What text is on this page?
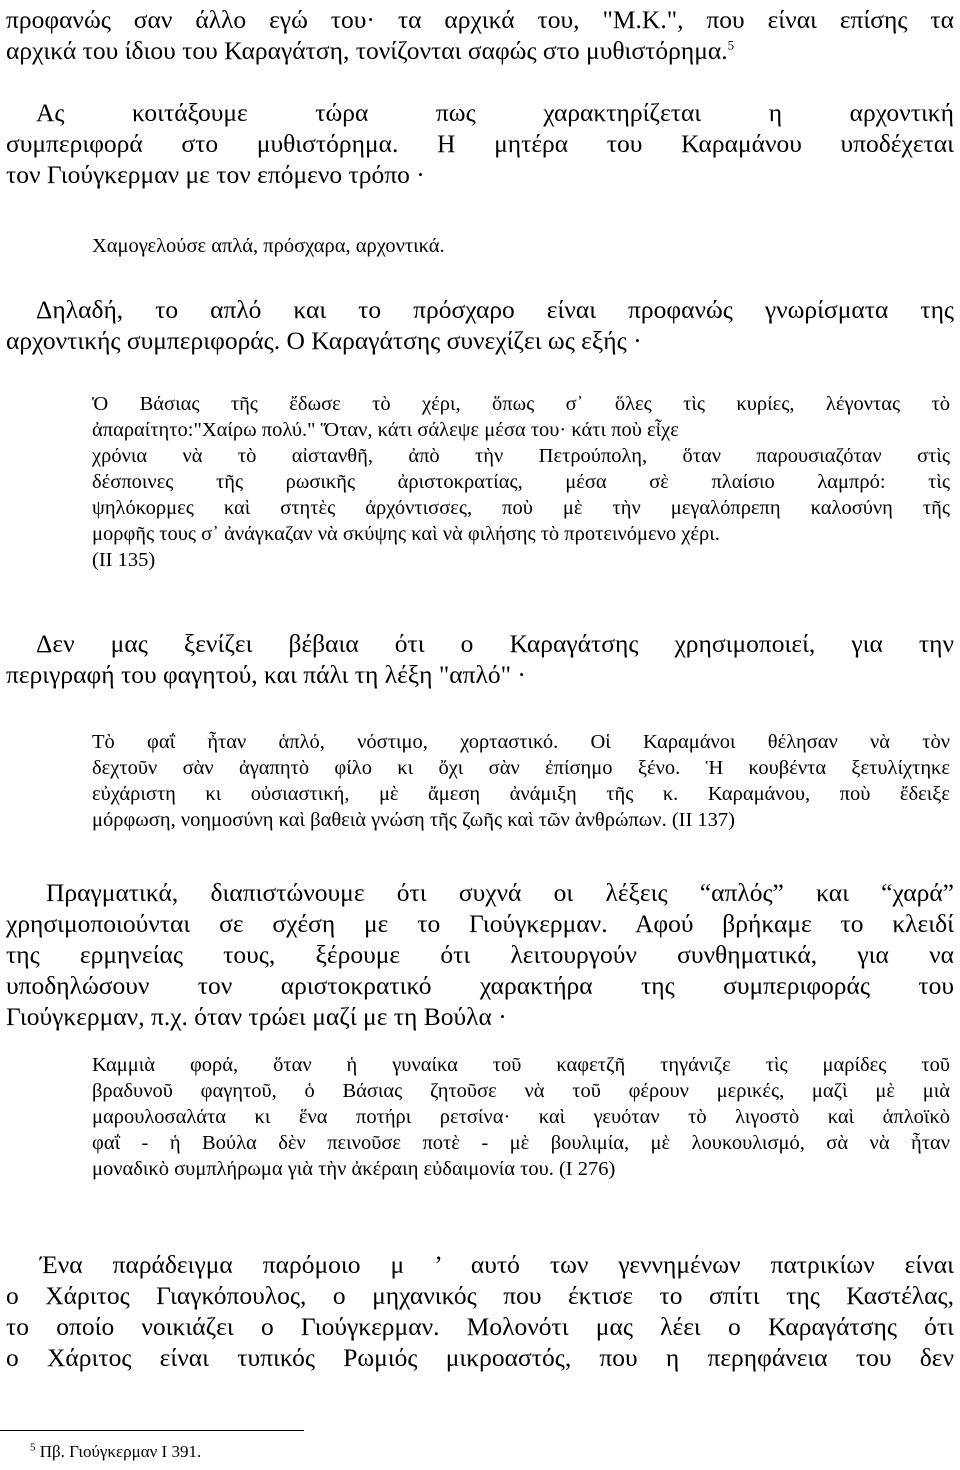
προφανώς σαν άλλο εγώ του· τα αρχικά του, "Μ.Κ.", που είναι επίσης τα
αρχικά του ίδιου του Καραγάτση, τονίζονται σαφώς στο μυθιστόρημα.$^5$
Ας κοιτάξουμε τώρα πως χαρακτηρίζεται η αρχοντική
συμπεριφορά στο μυθιστόρημα. Η μητέρα του Καραμάνου υποδέχεται
τον Γιούγκερμαν με τον επόμενο τρόπο ·
Χαμογελούσε απλά, πρόσχαρα, αρχοντικά.
Δηλαδή, το απλό και το πρόσχαρο είναι προφανώς γνωρίσματα της
αρχοντικής συμπεριφοράς. Ο Καραγάτσης συνεχίζει ως εξής ·
Ὁ Βάσιας τῆς ἔδωσε τὸ χέρι, ὅπως σ᾽ ὅλες τὶς κυρίες, λέγοντας τὸ
ἀπαραίτητο:"Χαίρω πολύ." Ὅταν, κάτι σάλεψε μέσα του· κάτι ποὺ εἶχε
χρόνια νὰ τὸ αἰστανθῆ, ἀπὸ τὴν Πετρούπολη, ὅταν παρουσιαζόταν στὶς
δέσποινες τῆς ρωσικῆς ἀριστοκρατίας, μέσα σὲ πλαίσιο λαμπρό: τὶς
ψηλόκορμες καὶ στητὲς ἀρχόντισσες, ποὺ μὲ τὴν μεγαλόπρεπη καλοσύνη τῆς
μορφῆς τους σ᾽ ἀνάγκαζαν νὰ σκύψης καὶ νὰ φιλήσης τὸ προτεινόμενο χέρι.
(ΙΙ 135)
Δεν μας ξενίζει βέβαια ότι ο Καραγάτσης χρησιμοποιεί, για την
περιγραφή του φαγητού, και πάλι τη λέξη "απλό" ·
Τὸ φαΐ ἦταν ἁπλό, νόστιμο, χορταστικό. Οἱ Καραμάνοι θέλησαν νὰ τὸν
δεχτοῦν σὰν ἀγαπητὸ φίλο κι ὄχι σὰν ἐπίσημο ξένο. Ἡ κουβέντα ξετυλίχτηκε
εὐχάριστη κι οὐσιαστική, μὲ ἄμεση ἀνάμιξη τῆς κ. Καραμάνου, ποὺ ἔδειξε
μόρφωση, νοημοσύνη καὶ βαθειὰ γνώση τῆς ζωῆς καὶ τῶν ἀνθρώπων. (ΙΙ 137)
Πραγματικά, διαπιστώνουμε ότι συχνά οι λέξεις “απλός” και “χαρά”
χρησιμοποιούνται σε σχέση με το Γιούγκερμαν. Αφού βρήκαμε το κλειδί
της ερμηνείας τους, ξέρουμε ότι λειτουργούν συνθηματικά, για να
υποδηλώσουν τον αριστοκρατικό χαρακτήρα της συμπεριφοράς του
Γιούγκερμαν, π.χ. όταν τρώει μαζί με τη Βούλα ·
Καμμιὰ φορά, ὅταν ἡ γυναίκα τοῦ καφετζῆ τηγάνιζε τὶς μαρίδες τοῦ
βραδυνοῦ φαγητοῦ, ὁ Βάσιας ζητοῦσε νὰ τοῦ φέρουν μερικές, μαζὶ μὲ μιὰ
μαρουλοσαλάτα κι ἕνα ποτήρι ρετσίνα· καὶ γευόταν τὸ λιγοστὸ καὶ ἁπλοϊκὸ
φαΐ - ἡ Βούλα δὲν πεινοῦσε ποτὲ - μὲ βουλιμία, μὲ λουκουλισμό, σὰ νὰ ἦταν
μοναδικὸ συμπλήρωμα γιὰ τὴν ἀκέραιη εὐδαιμονία του. (Ι 276)
Ένα παράδειγμα παρόμοιο μ ’ αυτό των γεννημένων πατρικίων είναι
ο Χάριτος Γιαγκόπουλος, ο μηχανικός που έκτισε το σπίτι της Καστέλας,
το οποίο νοικιάζει ο Γιούγκερμαν. Μολονότι μας λέει ο Καραγάτσης ότι
ο Χάριτος είναι τυπικός Ρωμιός μικροαστός, που η περηφάνεια του δεν
$^5$ Πβ. Γιούγκερμαν Ι 391.
